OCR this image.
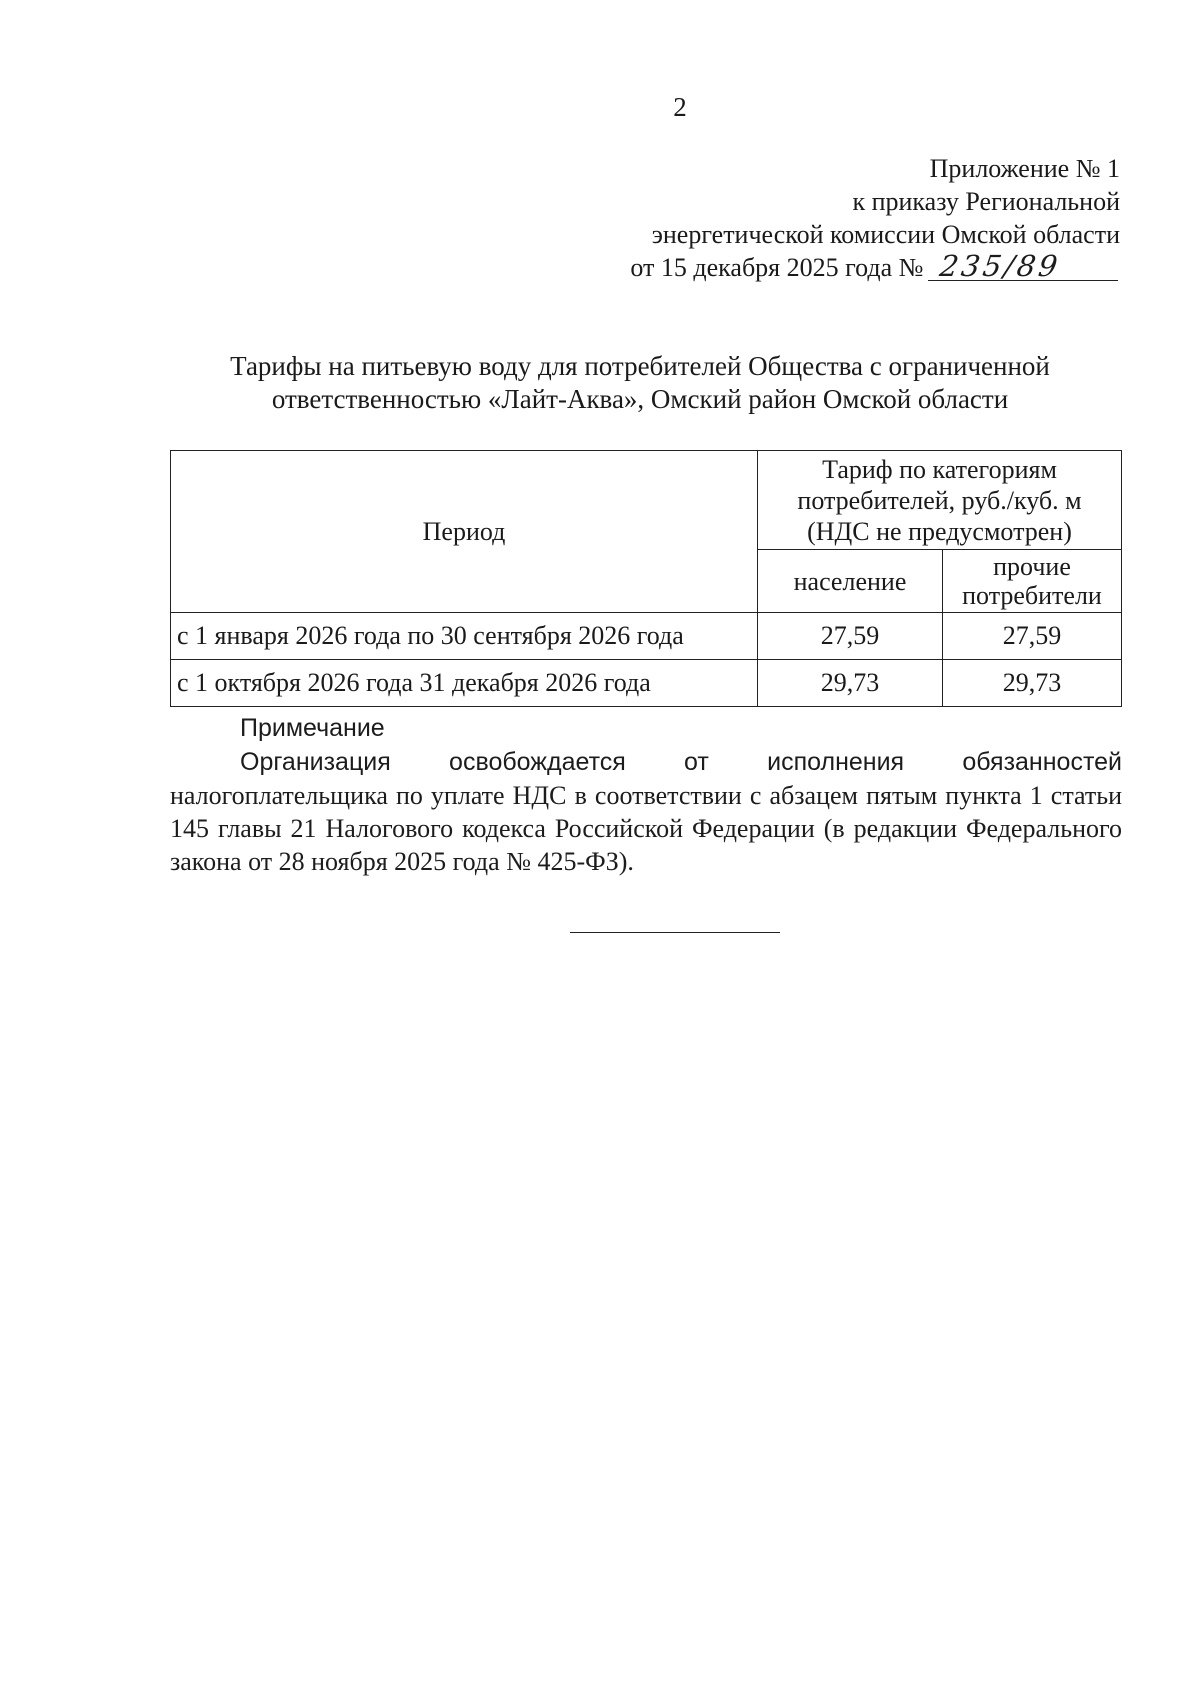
2
Приложение № 1
к приказу Региональной
энергетической комиссии Омской области
от 15 декабря 2025 года № 235/89
Тарифы на питьевую воду для потребителей Общества с ограниченной
ответственностью «Лайт-Аква», Омский район Омской области
Период	Тариф по категориям потребителей, руб./куб. м (НДС не предусмотрен)	
	население	прочие потребители
с 1 января 2026 года по 30 сентября 2026 года	27,59	27,59
с 1 октября 2026 года 31 декабря 2026 года	29,73	29,73
Примечание

Организация освобождается от исполнения обязанностей налогоплательщика по уплате НДС в соответствии с абзацем пятым пункта 1 статьи 145 главы 21 Налогового кодекса Российской Федерации (в редакции Федерального закона от 28 ноября 2025 года № 425-ФЗ).
